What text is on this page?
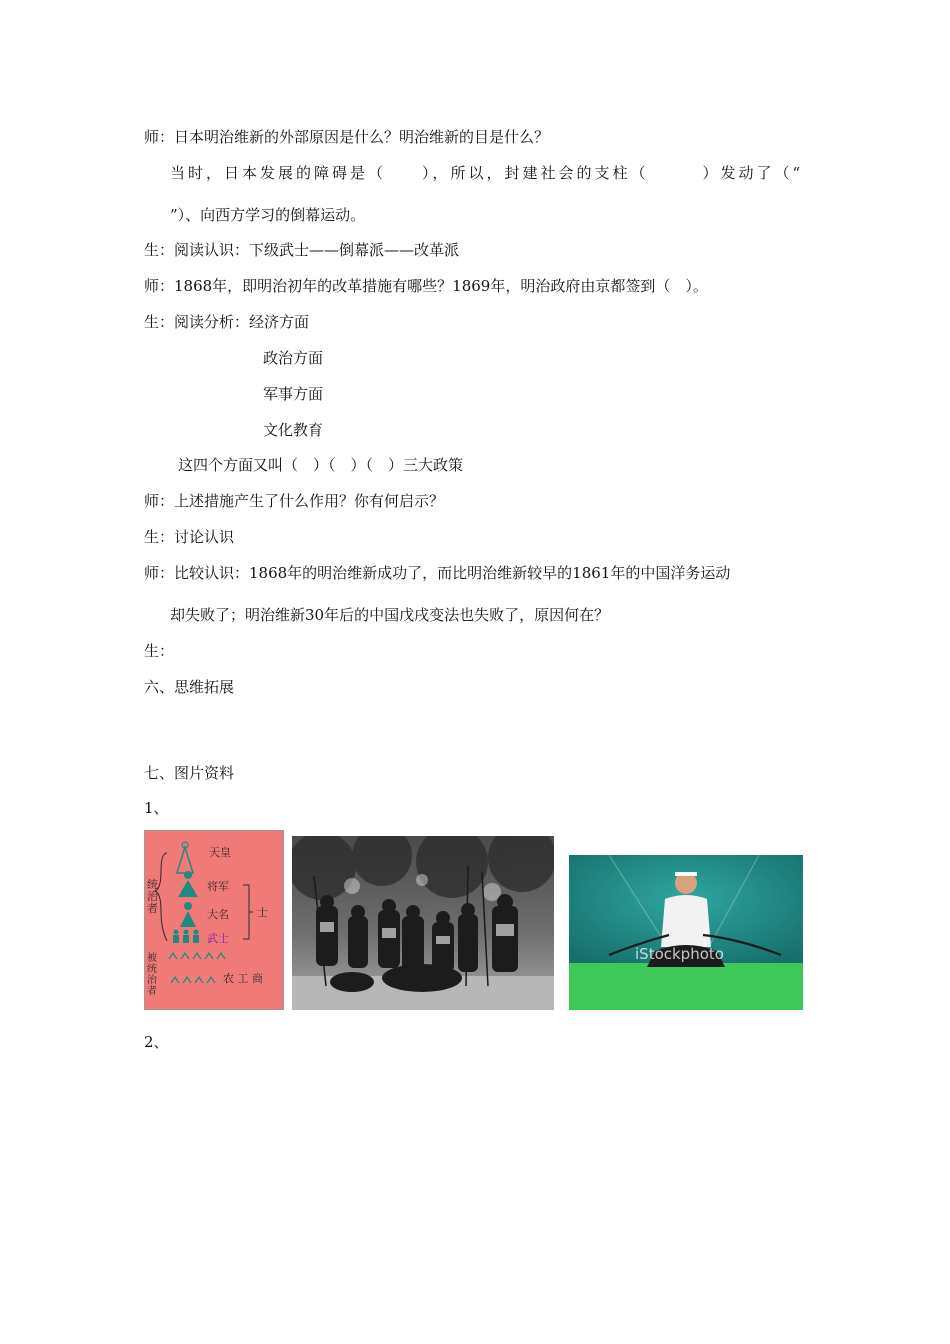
师：日本明治维新的外部原因是什么？明治维新的目是什么？
当时，日本发展的障碍是（　　），所以，封建社会的支柱（　　　）发动了（“
”）、向西方学习的倒幕运动。
生：阅读认识：下级武士——倒幕派——改革派
师：1868年，即明治初年的改革措施有哪些？1869年，明治政府由京都签到（　）。
生：阅读分析：经济方面
政治方面
军事方面
文化教育
这四个方面又叫（　）（　）（　）三大政策
师：上述措施产生了什么作用？你有何启示？
生：讨论认识
师：比较认识：1868年的明治维新成功了，而比明治维新较早的1861年的中国洋务运动
却失败了；明治维新30年后的中国戊戌变法也失败了，原因何在？
生：
六、思维拓展
七、图片资料
1、
2、
天皇
将军
大名
武士
士
统治者
被统治者
农 工 商
iStockphoto
